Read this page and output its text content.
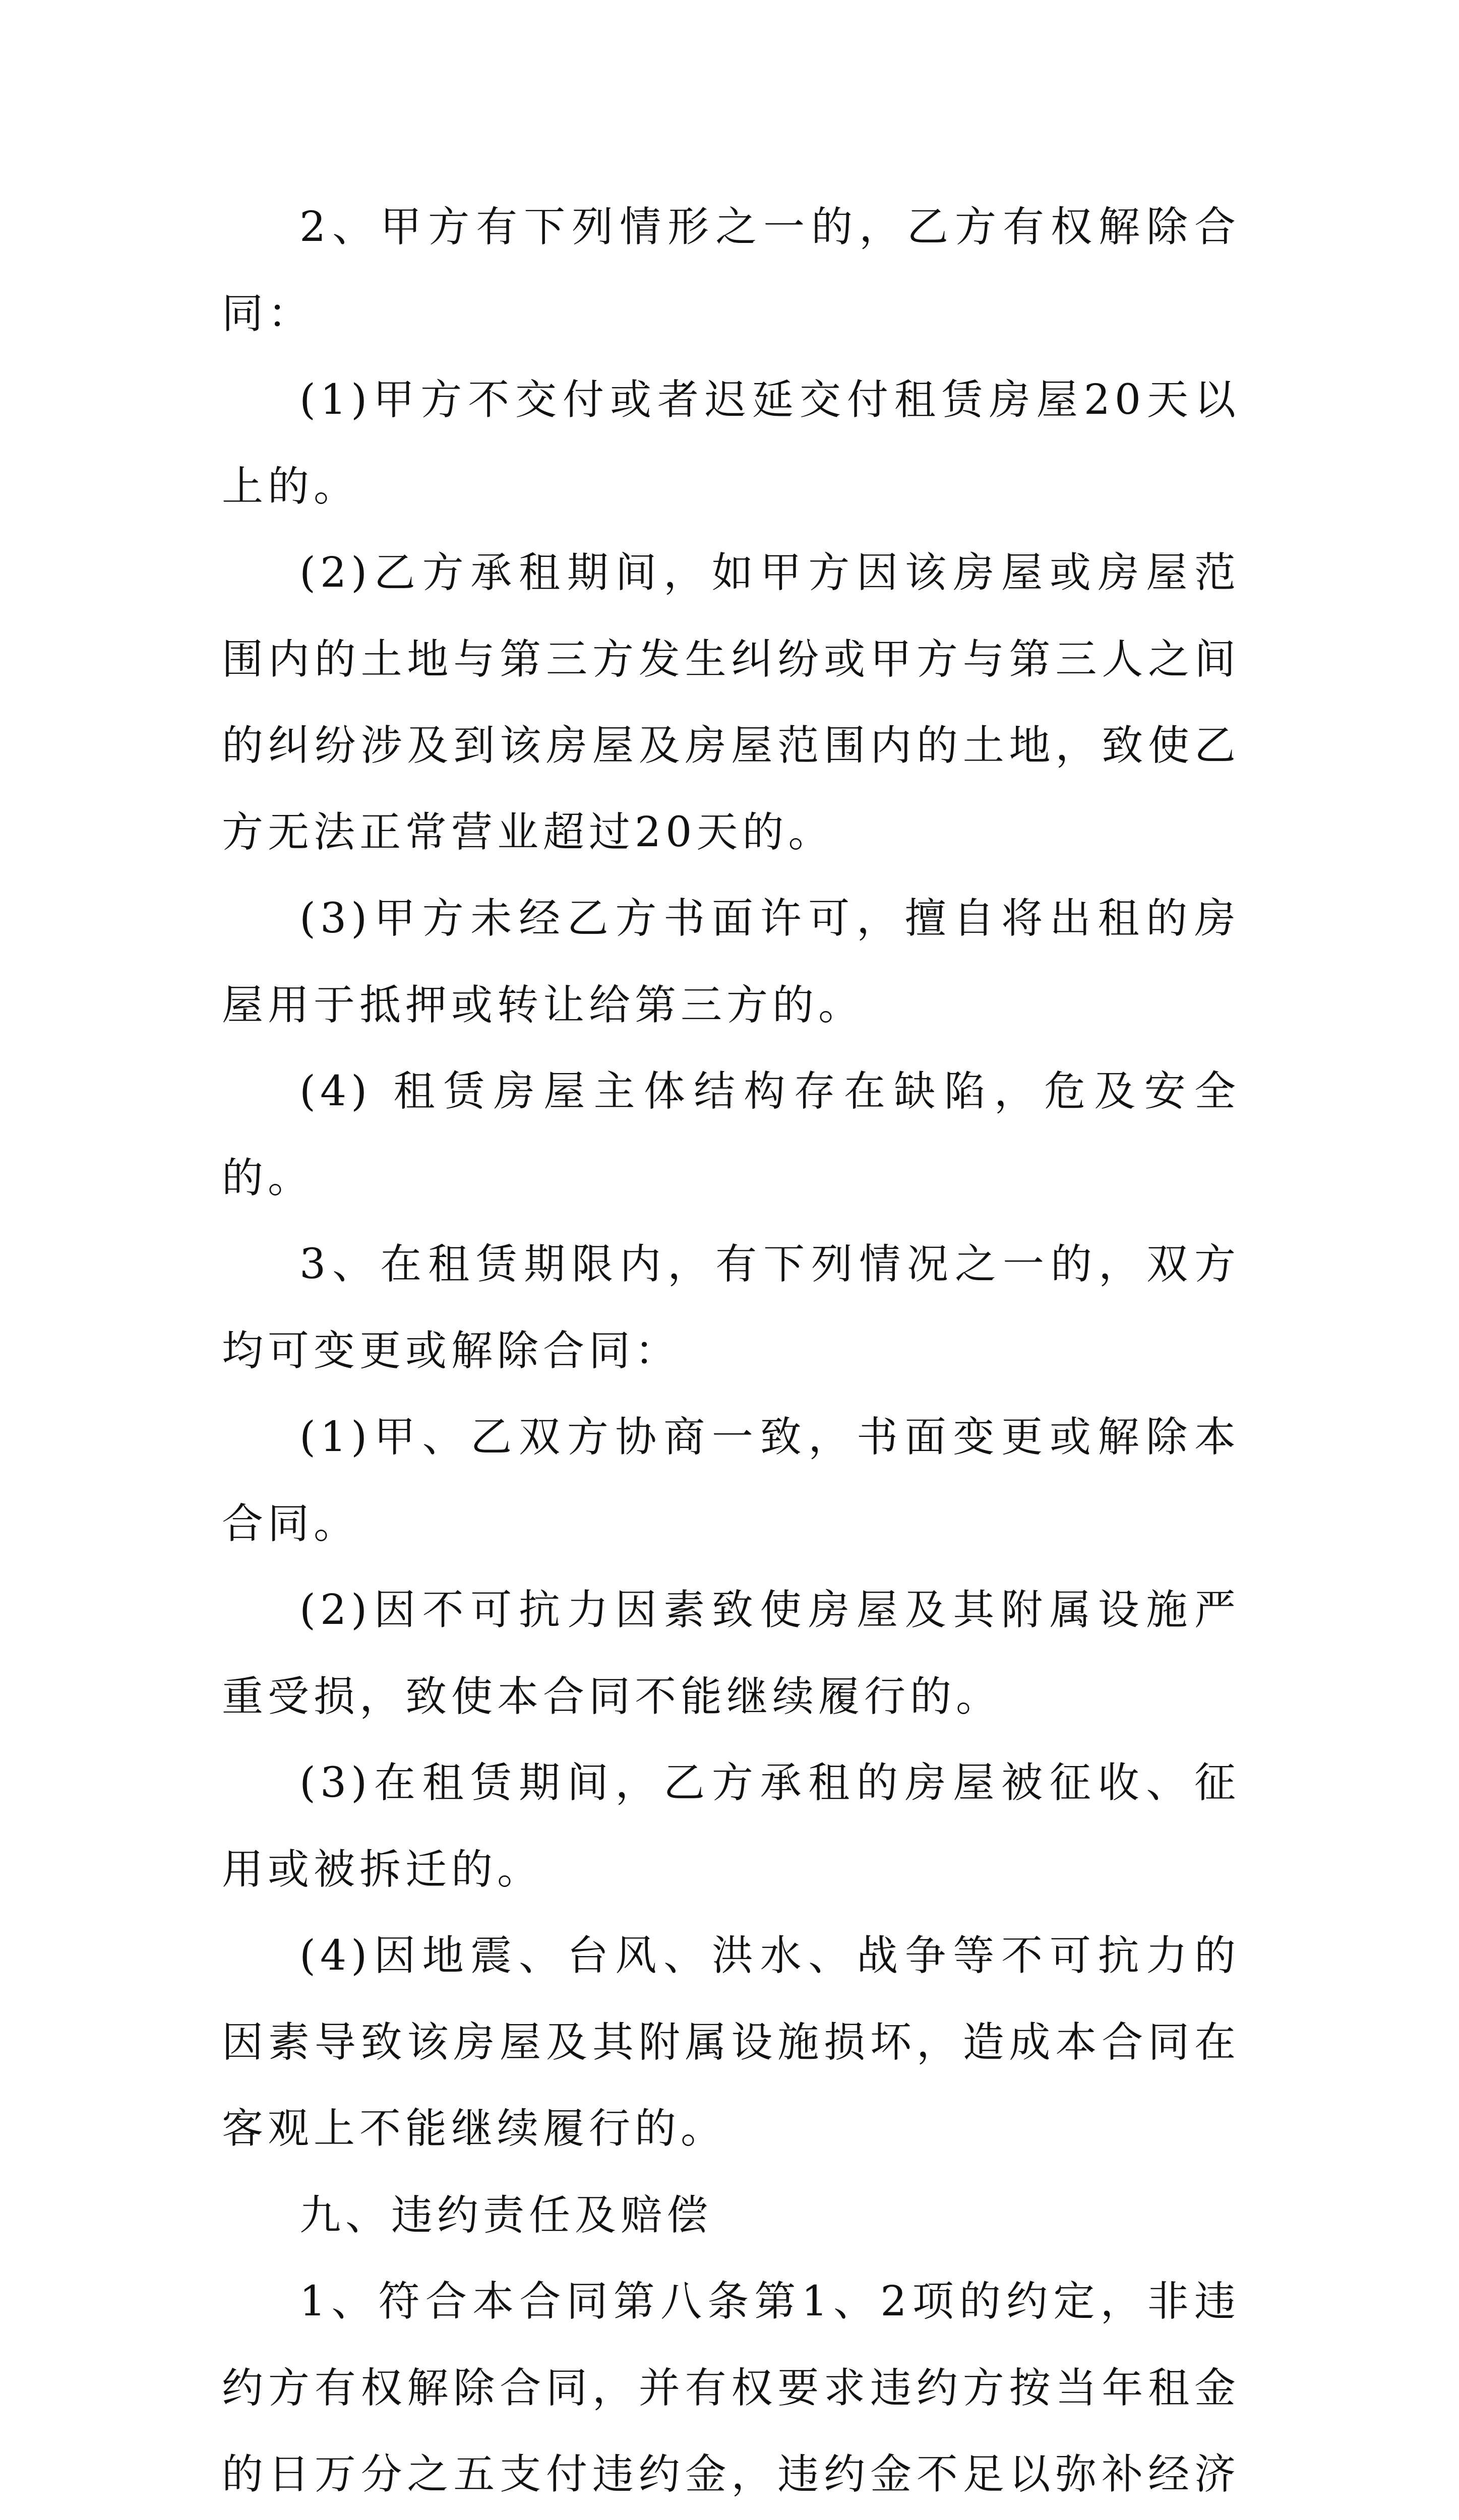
2、甲方有下列情形之一的，乙方有权解除合同：

(1)甲方不交付或者迟延交付租赁房屋20天以上的。

(2)乙方承租期间，如甲方因该房屋或房屋范围内的土地与第三方发生纠纷或甲方与第三人之间的纠纷涉及到该房屋及房屋范围内的土地，致使乙方无法正常营业超过20天的。

(3)甲方未经乙方书面许可，擅自将出租的房屋用于抵押或转让给第三方的。

(4) 租赁房屋主体结构存在缺陷，危及安全的。

3、在租赁期限内，有下列情况之一的，双方均可变更或解除合同：

(1)甲、乙双方协商一致，书面变更或解除本合同。

(2)因不可抗力因素致使房屋及其附属设施严重受损，致使本合同不能继续履行的。

(3)在租赁期间，乙方承租的房屋被征收、征用或被拆迁的。

(4)因地震、台风、洪水、战争等不可抗力的因素导致该房屋及其附属设施损坏，造成本合同在客观上不能继续履行的。

九、违约责任及赔偿

1、符合本合同第八条第1、2项的约定，非违约方有权解除合同，并有权要求违约方按当年租金的日万分之五支付违约金，违约金不足以弥补经济
